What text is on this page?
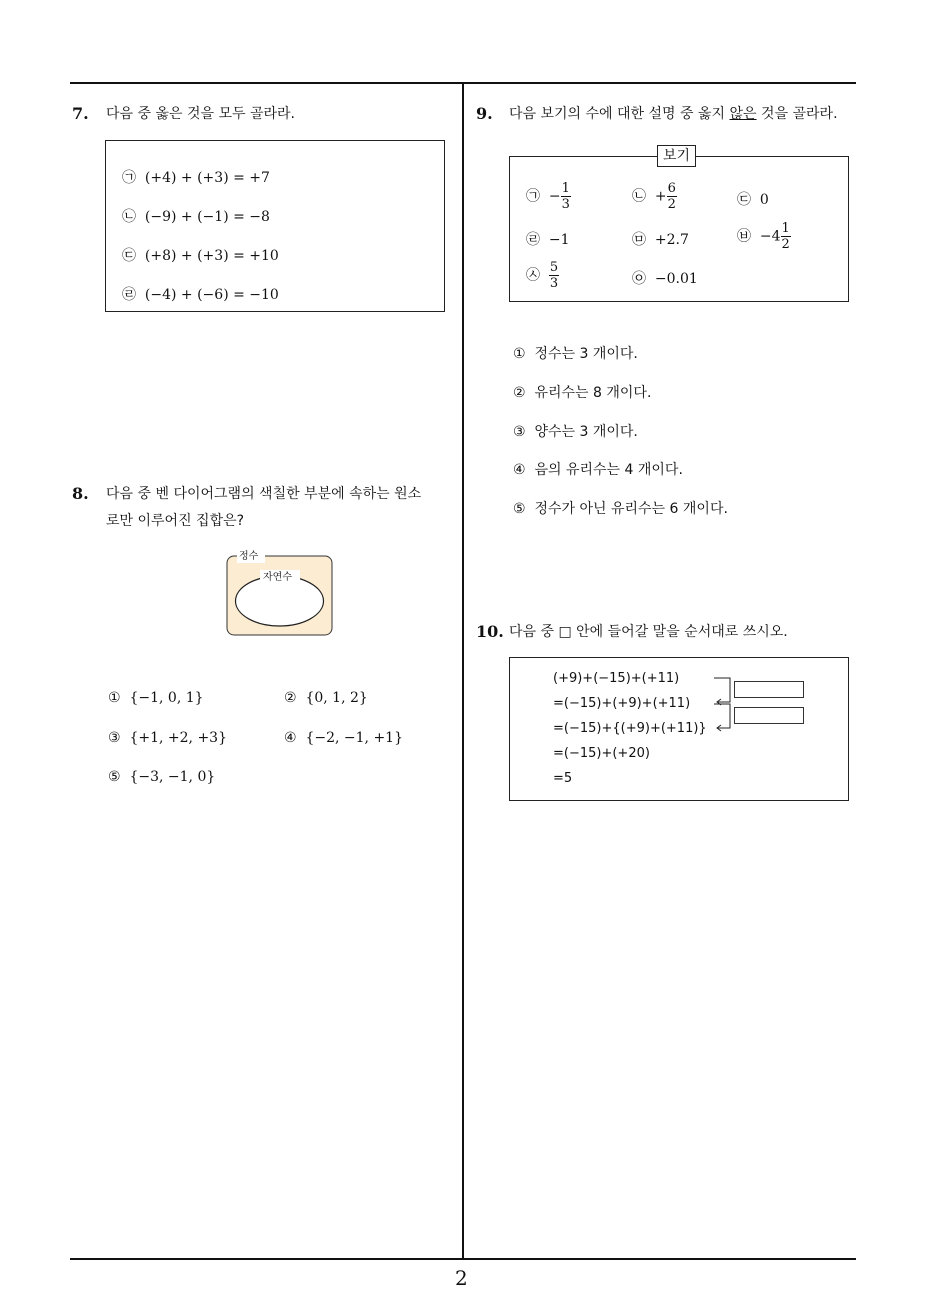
2
7. 다음 중 옳은 것을 모두 골라라.
㉠ (+4) + (+3) = +7
㉡ (−9) + (−1) = −8
㉢ (+8) + (+3) = +10
㉣ (−4) + (−6) = −10
8. 다음 중 벤 다이어그램의 색칠한 부분에 속하는 원소
로만 이루어진 집합은?
정수
자연수
① {−1, 0, 1}	② {0, 1, 2}
③ {+1, +2, +3}	④ {−2, −1, +1}
⑤ {−3, −1, 0}
9. 다음 보기의 수에 대한 설명 중 옳지 않은 것을 골라라.
보기
㉠ − $\frac{1}{3}$	㉡ + $\frac{6}{2}$	㉢ 0
㉣ −1	㉤ +2.7	㉥ $-4 \frac{1}{2}$
㉦ $\frac{5}{3}$	㉧ −0.01
① 정수는 3 개이다.
② 유리수는 8 개이다.
③ 양수는 3 개이다.
④ 음의 유리수는 4 개이다.
⑤ 정수가 아닌 유리수는 6 개이다.
10. 다음 중 □ 안에 들어갈 말을 순서대로 쓰시오.
(+9)+(−15)+(+11)
=(−15)+(+9)+(+11)
=(−15)+{(+9)+(+11)}
=(−15)+(+20)
=5
